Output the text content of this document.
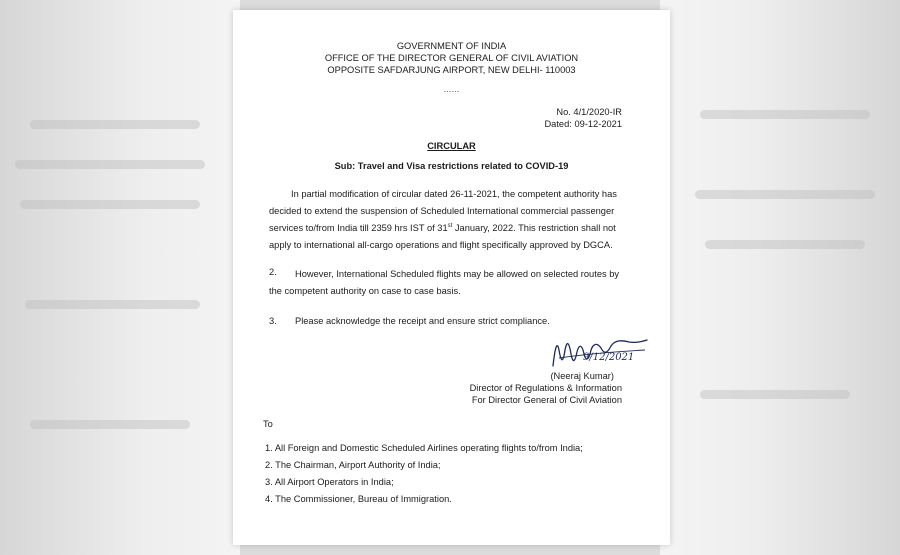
GOVERNMENT OF INDIA
OFFICE OF THE DIRECTOR GENERAL OF CIVIL AVIATION
OPPOSITE SAFDARJUNG AIRPORT, NEW DELHI- 110003
……
No. 4/1/2020-IR
Dated: 09-12-2021
CIRCULAR
Sub: Travel and Visa restrictions related to COVID-19
In partial modification of circular dated 26-11-2021, the competent authority has decided to extend the suspension of Scheduled International commercial passenger services to/from India till 2359 hrs IST of 31st January, 2022. This restriction shall not apply to international all-cargo operations and flight specifically approved by DGCA.
2.	However, International Scheduled flights may be allowed on selected routes by the competent authority on case to case basis.
3. Please acknowledge the receipt and ensure strict compliance.
9/12/2021
(Neeraj Kumar)
Director of Regulations & Information
For Director General of Civil Aviation
To
1. All Foreign and Domestic Scheduled Airlines operating flights to/from India;
2. The Chairman, Airport Authority of India;
3. All Airport Operators in India;
4. The Commissioner, Bureau of Immigration.
